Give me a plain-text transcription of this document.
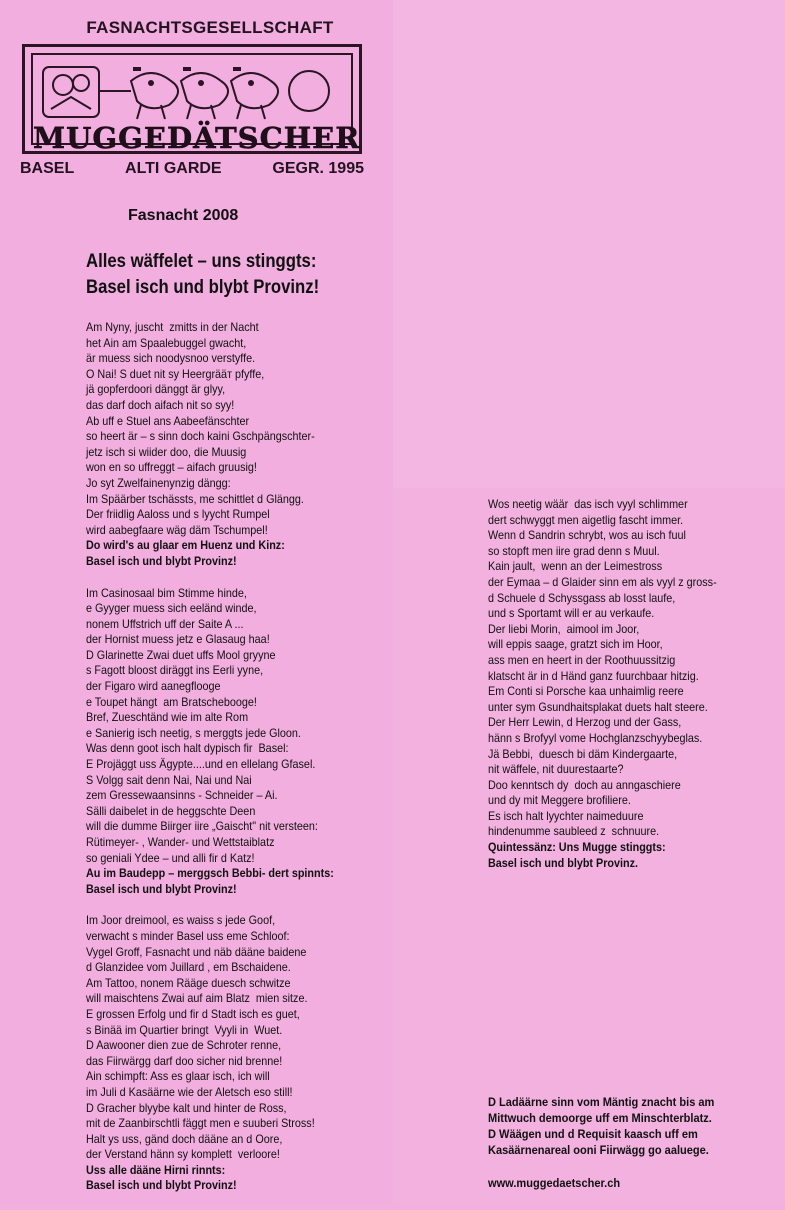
FASNACHTSGESELLSCHAFT
MUGGEDÄTSCHER
BASEL	ALTI GARDE	GEGR. 1995
Fasnacht 2008
Alles wäffelet – uns stinggts:
Basel isch und blybt Provinz!
Am Nyny, juscht  zmitts in der Nacht
het Ain am Spaalebuggel gwacht,
är muess sich noodysnoo verstyffe.
O Nai! S duet nit sy Heergrääт pfyffe,
jä gopferdoori dänggt är glyy,
das darf doch aifach nit so syy!
Ab uff e Stuel ans Aabeefänschter
so heert är – s sinn doch kaini Gschpängschter-
jetz isch si wiider doo, die Muusig
won en so uffreggt – aifach gruusig!
Jo syt Zwelfainenynzig dängg:
Im Späärber tschässts, me schittlet d Glängg.
Der friidlig Aaloss und s lyycht Rumpel
wird aabegfaare wäg däm Tschumpel!
Do wird's au glaar em Huenz und Kinz:
Basel isch und blybt Provinz!
Im Casinosaal bim Stimme hinde,
e Gyyger muess sich eeländ winde,
nonem Uffstrich uff der Saite A ...
der Hornist muess jetz e Glasaug haa!
D Glarinette Zwai duet uffs Mool gryyne
s Fagott bloost diräggt ins Eerli yyne,
der Figaro wird aanegflooge
e Toupet hängt  am Bratschebooge!
Bref, Zueschtänd wie im alte Rom
e Sanierig isch neetig, s merggts jede Gloon.
Was denn goot isch halt dypisch fir  Basel:
E Projäggt uss Ägypte....und en ellelang Gfasel.
S Volgg sait denn Nai, Nai und Nai
zem Gressewaansinns - Schneider – Ai.
Sälli daibelet in de heggschte Deen
will die dumme Biirger iire „Gaischt" nit versteen:
Rütimeyer- , Wander- und Wettstaiblatz
so geniali Ydee – und alli fir d Katz!
Au im Baudepp – merggsch Bebbi- dert spinnts:
Basel isch und blybt Provinz!
Im Joor dreimool, es waiss s jede Goof,
verwacht s minder Basel uss eme Schloof:
Vygel Groff, Fasnacht und näb dääne baidene
d Glanzidee vom Juillard , em Bschaidene.
Am Tattoo, nonem Rääge duesch schwitze
will maischtens Zwai auf aim Blatz  mien sitze.
E grossen Erfolg und fir d Stadt isch es guet,
s Binää im Quartier bringt  Vyyli in  Wuet.
D Aawooner dien zue de Schroter renne,
das Fiirwärgg darf doo sicher nid brenne!
Ain schimpft: Ass es glaar isch, ich will
im Juli d Kasäärne wie der Aletsch eso still!
D Gracher blyybe kalt und hinter de Ross,
mit de Zaanbirschtli fäggt men e suuberi Stross!
Halt ys uss, gänd doch dääne an d Oore,
der Verstand hänn sy komplett  verloore!
Uss alle dääne Hirni rinnts:
Basel isch und blybt Provinz!
Wos neetig wäär  das isch vyyl schlimmer
dert schwyggt men aigetlig fascht immer.
Wenn d Sandrin schrybt, wos au isch fuul
so stopft men iire grad denn s Muul.
Kain jault,  wenn an der Leimestross
der Eymaa – d Glaider sinn em als vyyl z gross-
d Schuele d Schyssgass ab losst laufe,
und s Sportamt will er au verkaufe.
Der liebi Morin,  aimool im Joor,
will eppis saage, gratzt sich im Hoor,
ass men en heert in der Roothuussitzig
klatscht är in d Händ ganz fuurchbaar hitzig.
Em Conti si Porsche kaa unhaimlig reere
unter sym Gsundhaitsplakat duets halt steere.
Der Herr Lewin, d Herzog und der Gass,
hänn s Brofyyl vome Hochglanzschyybeglas.
Jä Bebbi,  duesch bi däm Kindergaarte,
nit wäffele, nit duurestaarte?
Doo kenntsch dy  doch au anngaschiere
und dy mit Meggere brofiliere.
Es isch halt lyychter naimeduure
hindenumme saubleed z  schnuure.
Quintessänz: Uns Mugge stinggts:
Basel isch und blybt Provinz.

D Ladäärne sinn vom Mäntig znacht bis am

Mittwuch demoorge uff em Minschterblatz.

D Wäägen und d Requisit kaasch uff em

Kasäärnenareal ooni Fiirwägg go aaluege.

www.muggedaetscher.ch
